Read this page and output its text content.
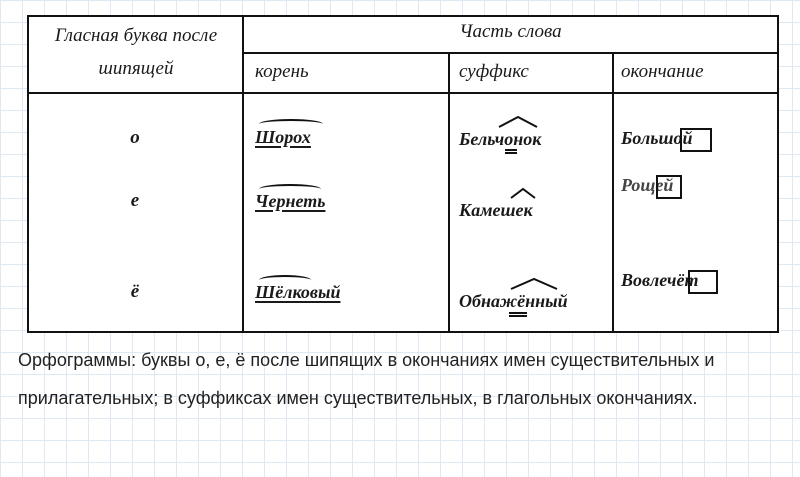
Гласная буква после шипящей
Часть слова
корень	суффикс	окончание
о
е
ё
Шорох
Чернеть
Шёлковый
Бельчонок
Камешек
Обнажённый
Большой
Рощей
Вовлечёт
Орфограммы: буквы о, е, ё после шипящих в окончаниях имен существительных и прилагательных; в суффиксах имен существительных, в глагольных окончаниях.
